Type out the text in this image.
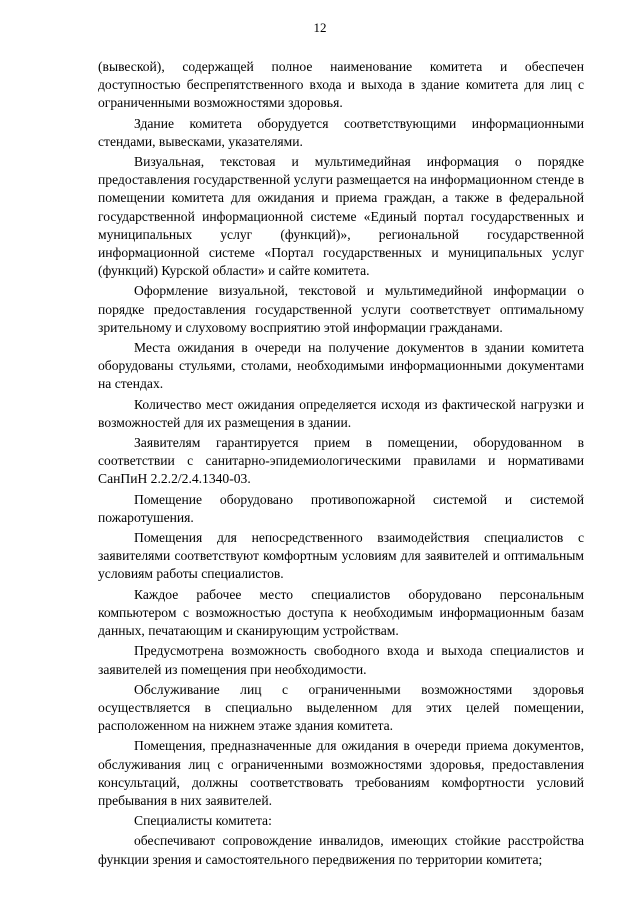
12

(вывеской), содержащей полное наименование комитета и обеспечен доступностью беспрепятственного входа и выхода в здание комитета для лиц с ограниченными возможностями здоровья.

Здание комитета оборудуется соответствующими информационными стендами, вывесками, указателями.

Визуальная, текстовая и мультимедийная информация о порядке предоставления государственной услуги размещается на информационном стенде в помещении комитета для ожидания и приема граждан, а также в федеральной государственной информационной системе «Единый портал государственных и муниципальных услуг (функций)», региональной государственной информационной системе «Портал государственных и муниципальных услуг (функций) Курской области» и сайте комитета.

Оформление визуальной, текстовой и мультимедийной информации о порядке предоставления государственной услуги соответствует оптимальному зрительному и слуховому восприятию этой информации гражданами.

Места ожидания в очереди на получение документов в здании комитета оборудованы стульями, столами, необходимыми информационными документами на стендах.

Количество мест ожидания определяется исходя из фактической нагрузки и возможностей для их размещения в здании.

Заявителям гарантируется прием в помещении, оборудованном в соответствии с санитарно-эпидемиологическими правилами и нормативами СанПиН 2.2.2/2.4.1340-03.

Помещение оборудовано противопожарной системой и системой пожаротушения.

Помещения для непосредственного взаимодействия специалистов с заявителями соответствуют комфортным условиям для заявителей и оптимальным условиям работы специалистов.

Каждое рабочее место специалистов оборудовано персональным компьютером с возможностью доступа к необходимым информационным базам данных, печатающим и сканирующим устройствам.

Предусмотрена возможность свободного входа и выхода специалистов и заявителей из помещения при необходимости.

Обслуживание лиц с ограниченными возможностями здоровья осуществляется в специально выделенном для этих целей помещении, расположенном на нижнем этаже здания комитета.

Помещения, предназначенные для ожидания в очереди приема документов, обслуживания лиц с ограниченными возможностями здоровья, предоставления консультаций, должны соответствовать требованиям комфортности условий пребывания в них заявителей.

Специалисты комитета:

обеспечивают сопровождение инвалидов, имеющих стойкие расстройства функции зрения и самостоятельного передвижения по территории комитета;
